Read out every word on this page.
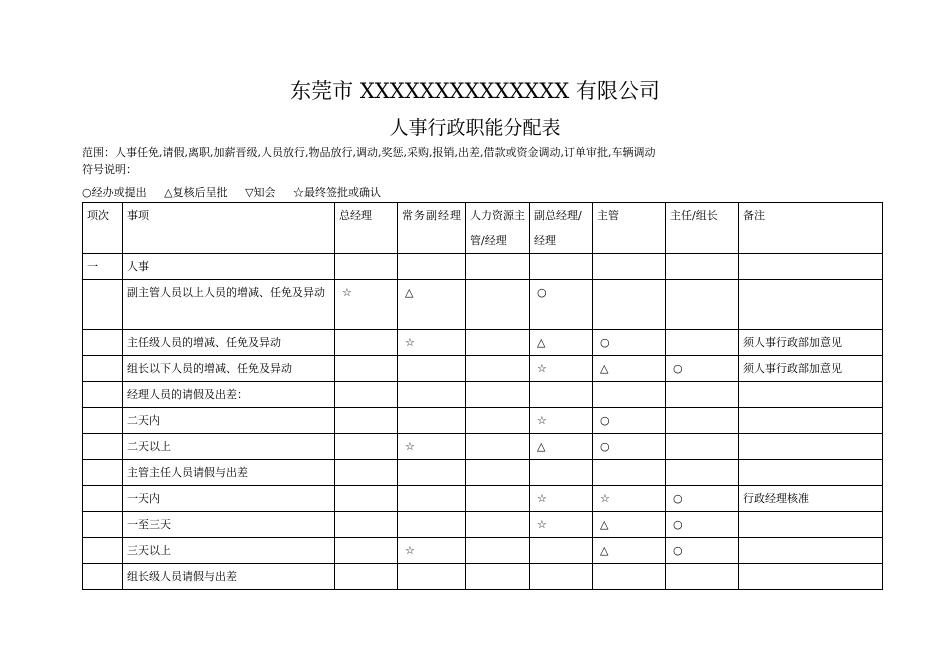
东莞市 XXXXXXXXXXXXXX 有限公司
人事行政职能分配表
范围：人事任免,请假,离职,加薪晋级,人员放行,物品放行,调动,奖惩,采购,报销,出差,借款或资金调动,订单审批,车辆调动
符号说明：
○经办或提出 △复核后呈批 ▽知会 ☆最终签批或确认
项次	事项	总经理	常务副经理	人力资源主管/经理	副总经理/经理	主管	主任/组长	备注
一	人事							
	副主管人员以上人员的增减、任免及异动	☆	△		○			
	主任级人员的增减、任免及异动		☆		△	○		须人事行政部加意见
	组长以下人员的增减、任免及异动				☆	△	○	须人事行政部加意见
	经理人员的请假及出差：							
	二天内				☆	○		
	二天以上		☆		△	○		
	主管主任人员请假与出差							
	一天内				☆	☆	○	行政经理核准
	一至三天				☆	△	○	
	三天以上		☆			△	○	
	组长级人员请假与出差							
